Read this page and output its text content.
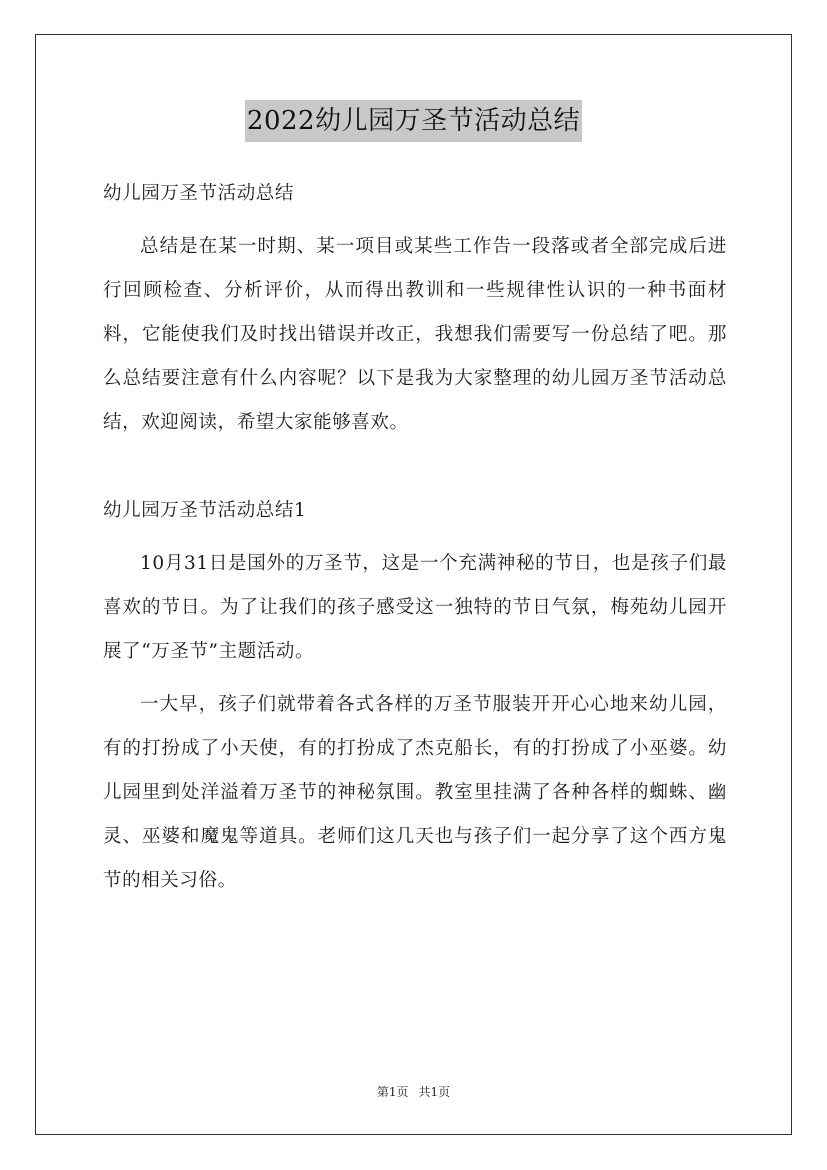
2022幼儿园万圣节活动总结

幼儿园万圣节活动总结

总结是在某一时期、某一项目或某些工作告一段落或者全部完成后进行回顾检查、分析评价，从而得出教训和一些规律性认识的一种书面材料，它能使我们及时找出错误并改正，我想我们需要写一份总结了吧。那么总结要注意有什么内容呢？以下是我为大家整理的幼儿园万圣节活动总结，欢迎阅读，希望大家能够喜欢。

幼儿园万圣节活动总结1

10月31日是国外的万圣节，这是一个充满神秘的节日，也是孩子们最喜欢的节日。为了让我们的孩子感受这一独特的节日气氛，梅苑幼儿园开展了“万圣节”主题活动。

一大早，孩子们就带着各式各样的万圣节服装开开心心地来幼儿园，有的打扮成了小天使，有的打扮成了杰克船长，有的打扮成了小巫婆。幼儿园里到处洋溢着万圣节的神秘氛围。教室里挂满了各种各样的蜘蛛、幽灵、巫婆和魔鬼等道具。老师们这几天也与孩子们一起分享了这个西方鬼节的相关习俗。

第1页 共1页
